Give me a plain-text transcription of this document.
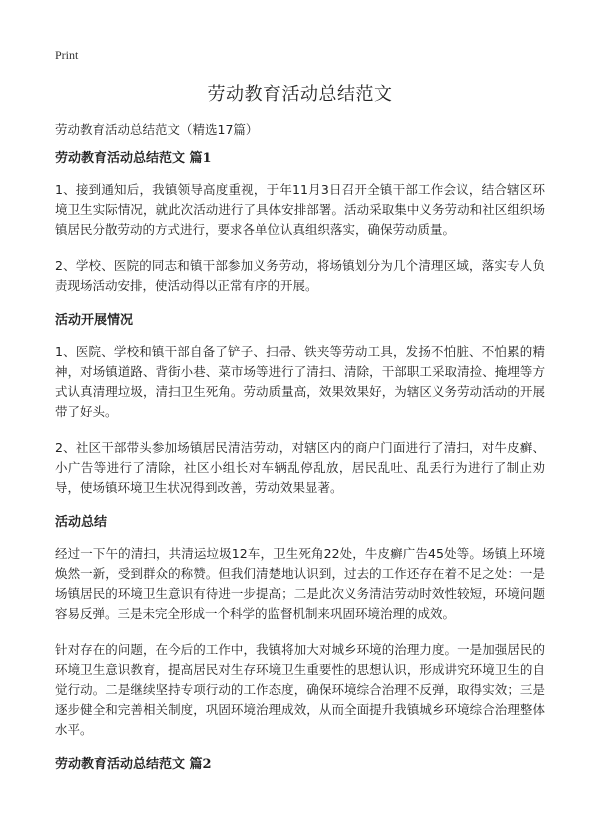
Print
劳动教育活动总结范文

劳动教育活动总结范文（精选17篇）

劳动教育活动总结范文 篇1

1、接到通知后，我镇领导高度重视，于年11月3日召开全镇干部工作会议，结合辖区环境卫生实际情况，就此次活动进行了具体安排部署。活动采取集中义务劳动和社区组织场镇居民分散劳动的方式进行，要求各单位认真组织落实，确保劳动质量。

2、学校、医院的同志和镇干部参加义务劳动，将场镇划分为几个清理区域，落实专人负责现场活动安排，使活动得以正常有序的开展。

活动开展情况

1、医院、学校和镇干部自备了铲子、扫帚、铁夹等劳动工具，发扬不怕脏、不怕累的精神，对场镇道路、背街小巷、菜市场等进行了清扫、清除，干部职工采取清捡、掩埋等方式认真清理垃圾，清扫卫生死角。劳动质量高，效果效果好，为辖区义务劳动活动的开展带了好头。

2、社区干部带头参加场镇居民清洁劳动，对辖区内的商户门面进行了清扫，对牛皮癣、小广告等进行了清除，社区小组长对车辆乱停乱放，居民乱吐、乱丢行为进行了制止劝导，使场镇环境卫生状况得到改善，劳动效果显著。

活动总结

经过一下午的清扫，共清运垃圾12车，卫生死角22处，牛皮癣广告45处等。场镇上环境焕然一新，受到群众的称赞。但我们清楚地认识到，过去的工作还存在着不足之处：一是场镇居民的环境卫生意识有待进一步提高；二是此次义务清洁劳动时效性较短，环境问题容易反弹。三是未完全形成一个科学的监督机制来巩固环境治理的成效。

针对存在的问题，在今后的工作中，我镇将加大对城乡环境的治理力度。一是加强居民的环境卫生意识教育，提高居民对生存环境卫生重要性的思想认识，形成讲究环境卫生的自觉行动。二是继续坚持专项行动的工作态度，确保环境综合治理不反弹，取得实效；三是逐步健全和完善相关制度，巩固环境治理成效，从而全面提升我镇城乡环境综合治理整体水平。

劳动教育活动总结范文 篇2
